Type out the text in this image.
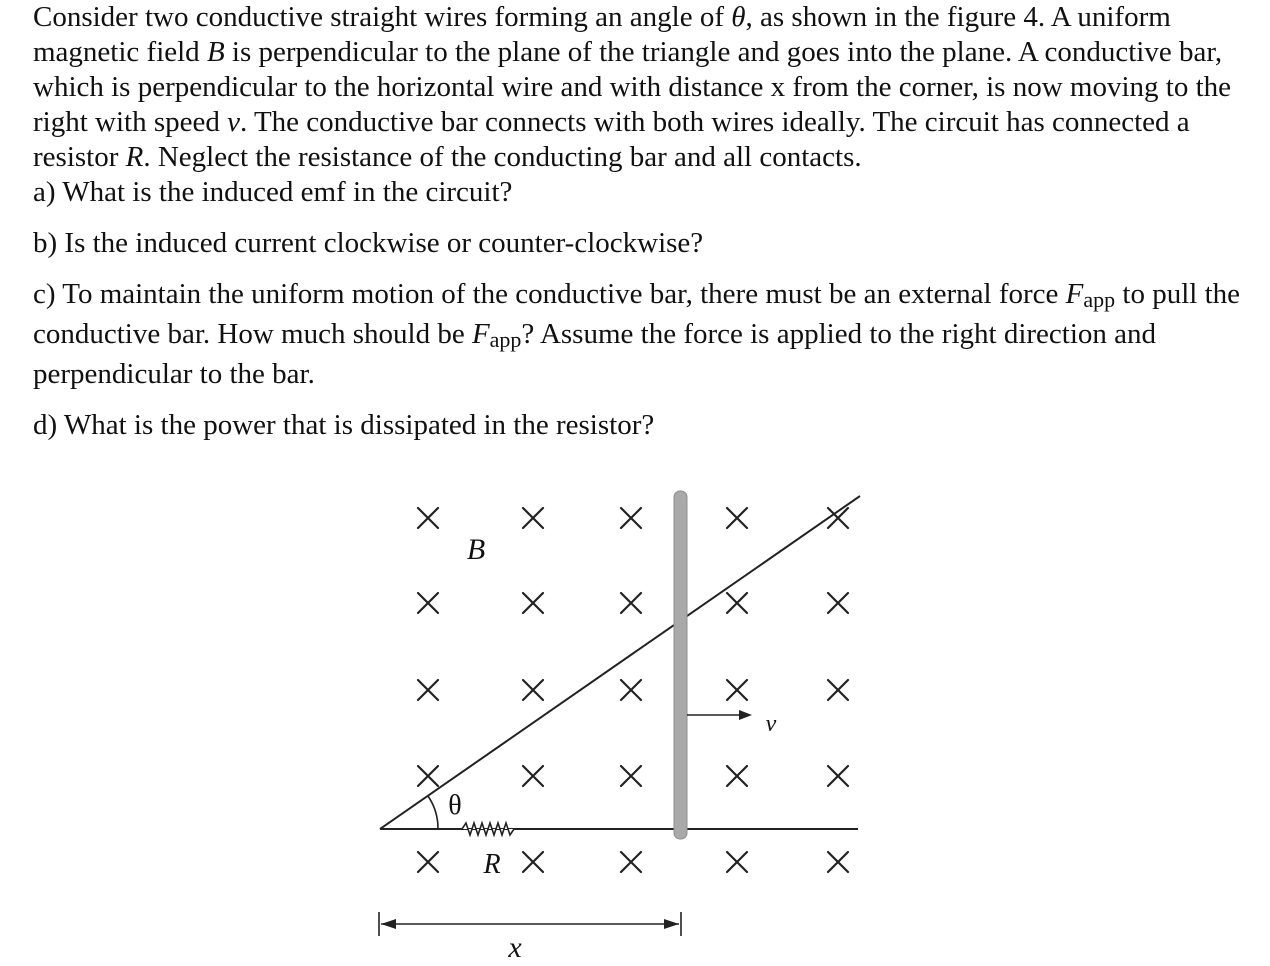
Consider two conductive straight wires forming an angle of θ, as shown in the figure 4. A uniform magnetic field B is perpendicular to the plane of the triangle and goes into the plane. A conductive bar, which is perpendicular to the horizontal wire and with distance x from the corner, is now moving to the right with speed v. The conductive bar connects with both wires ideally. The circuit has connected a resistor R. Neglect the resistance of the conducting bar and all contacts.

a) What is the induced emf in the circuit?

b) Is the induced current clockwise or counter-clockwise?

c) To maintain the uniform motion of the conductive bar, there must be an external force Fapp to pull the conductive bar. How much should be Fapp? Assume the force is applied to the right direction and perpendicular to the bar.

d) What is the power that is dissipated in the resistor?

B
θ
R
v
x
